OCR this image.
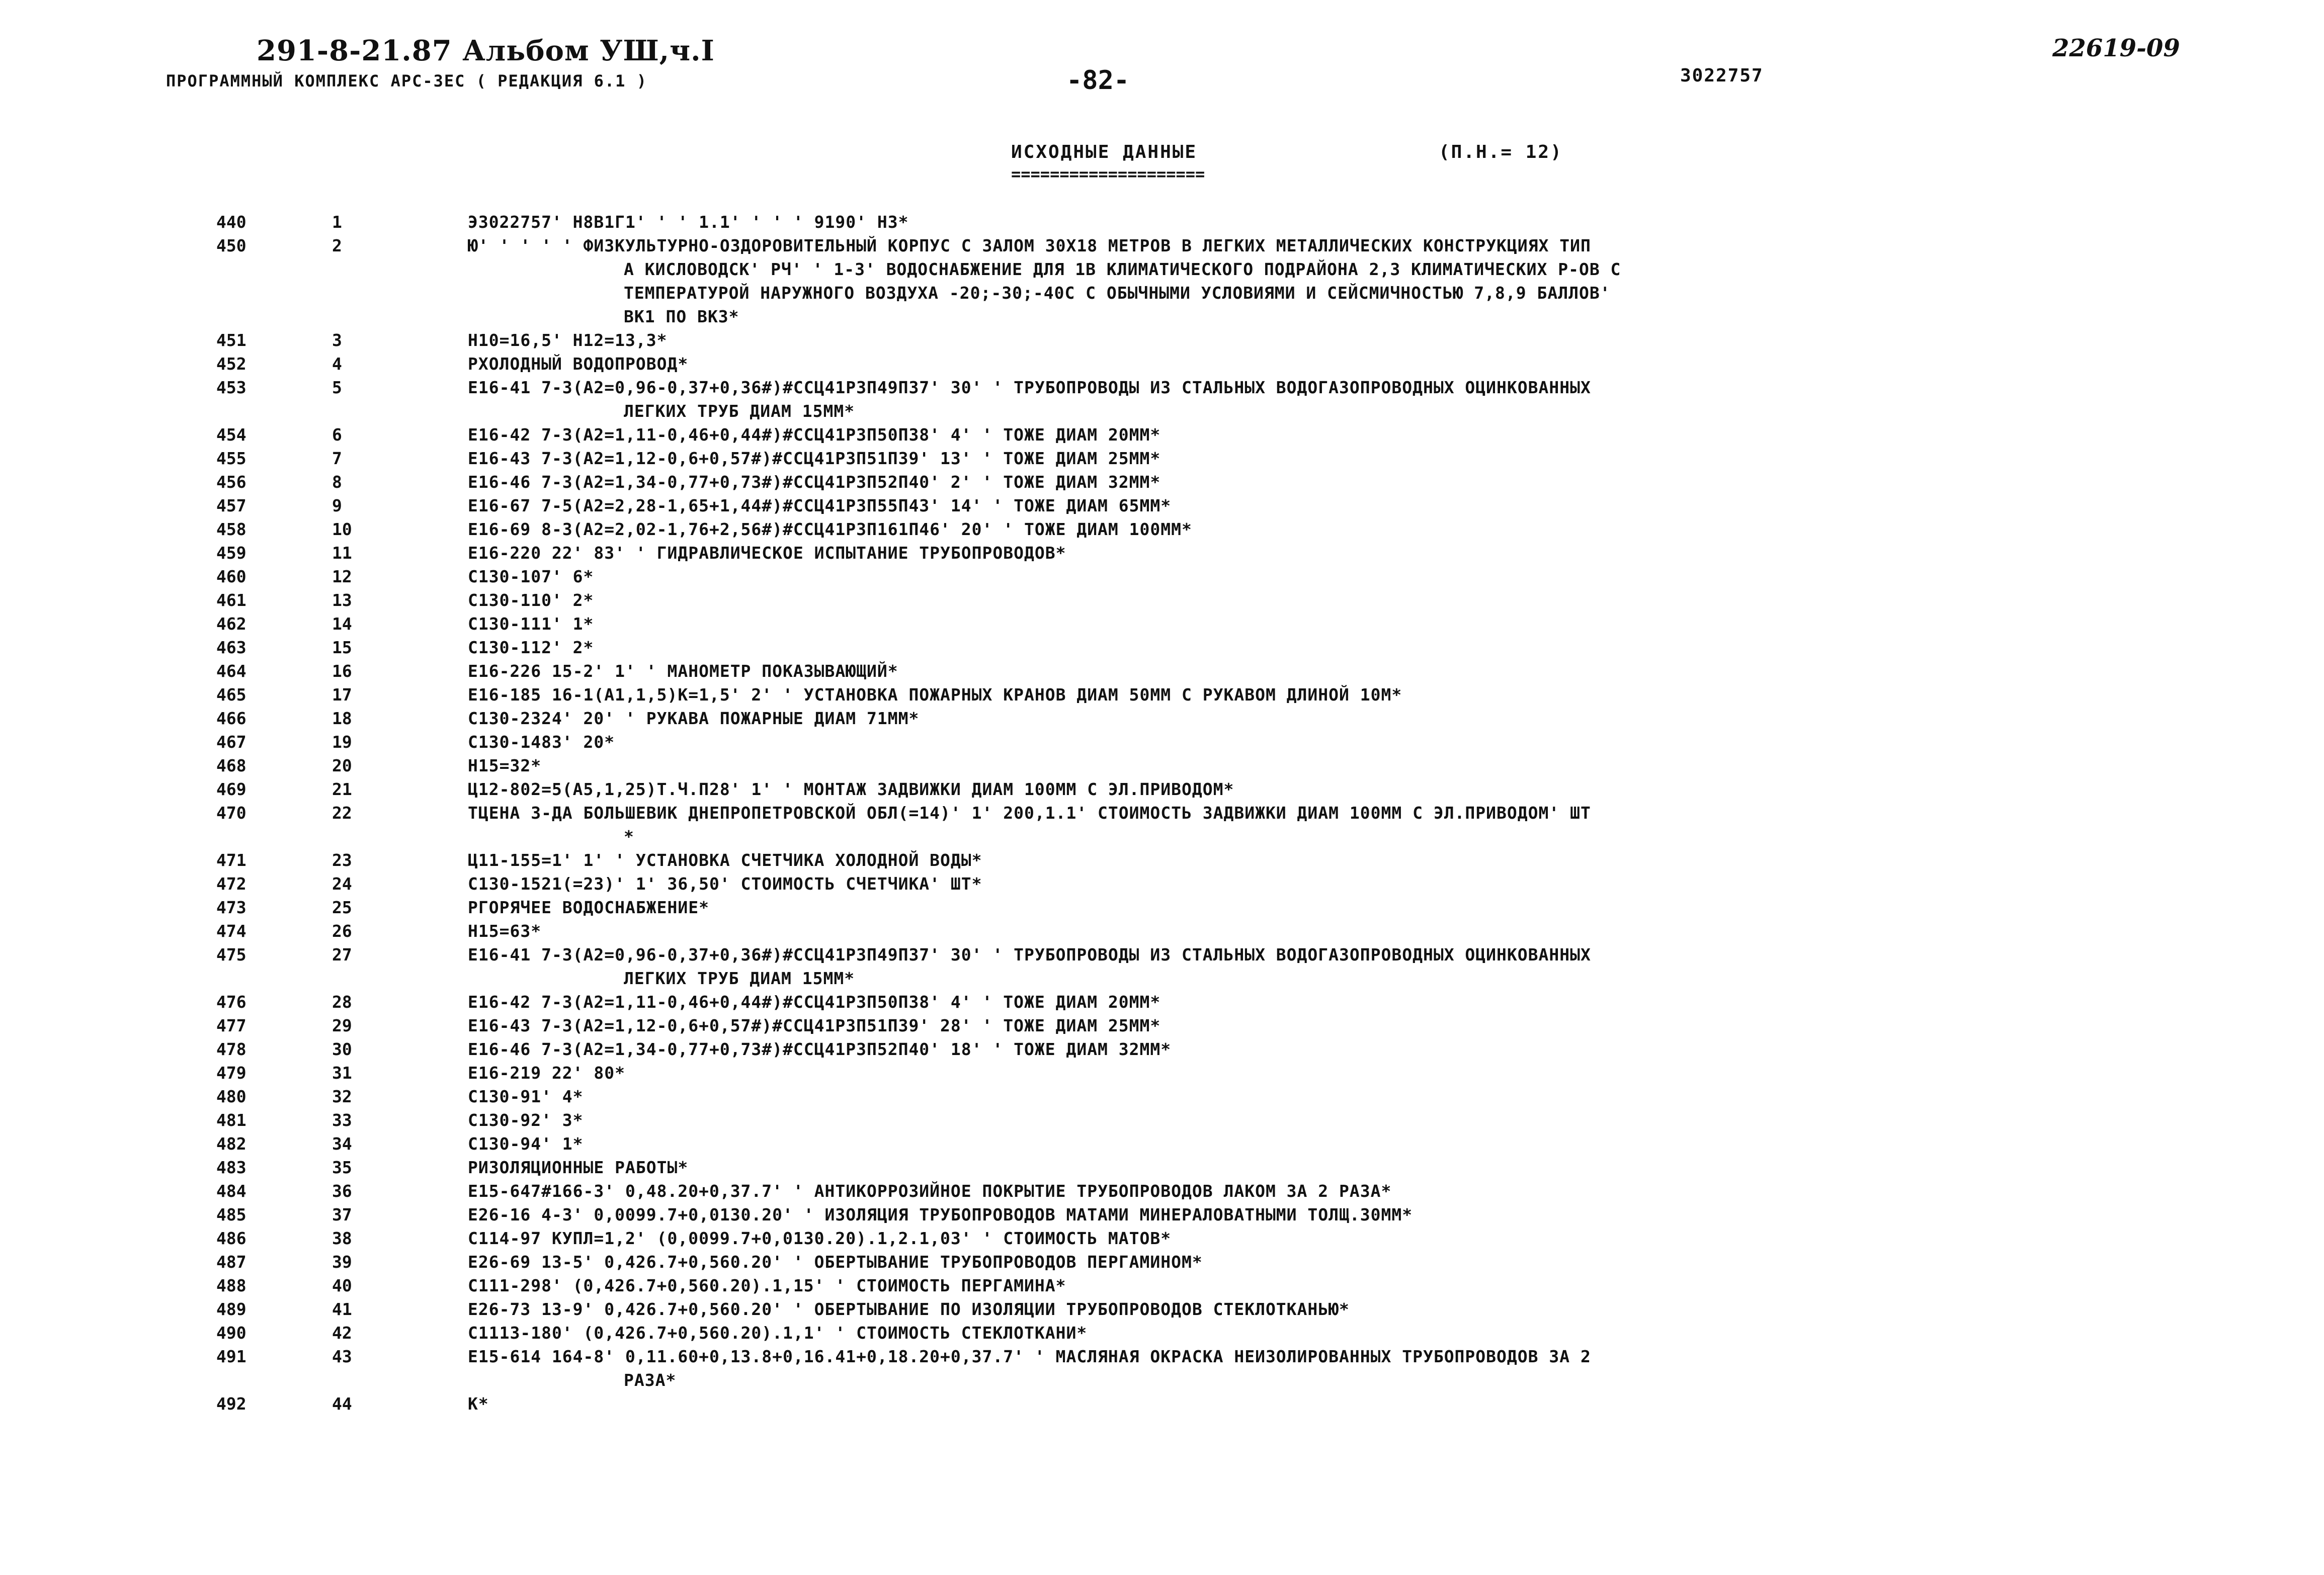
291-8-21.87 Альбом УШ,ч.I
ПРОГРАММНЫЙ КОМПЛЕКС АРС-ЗЕС ( РЕДАКЦИЯ 6.1 )	-82-	3022757
22619-09
ИСХОДНЫЕ ДАННЫЕ
====================
(П.Н.= 12)
440	1	Э3022757' Н8В1Г1' ' ' 1.1' ' ' ' 9190' Н3*
450	2	Ю' ' ' ' ' ФИЗКУЛЬТУРНО-ОЗДОРОВИТЕЛЬНЫЙ КОРПУС С ЗАЛОМ 30Х18 МЕТРОВ В ЛЕГКИХ МЕТАЛЛИЧЕСКИХ КОНСТРУКЦИЯХ ТИП
А КИСЛОВОДСК' РЧ' ' 1-3' ВОДОСНАБЖЕНИЕ ДЛЯ 1В КЛИМАТИЧЕСКОГО ПОДРАЙОНА 2,3 КЛИМАТИЧЕСКИХ Р-ОВ С
ТЕМПЕРАТУРОЙ НАРУЖНОГО ВОЗДУХА -20;-30;-40С С ОБЫЧНЫМИ УСЛОВИЯМИ И СЕЙСМИЧНОСТЬЮ 7,8,9 БАЛЛОВ'
ВК1 ПО ВК3*
451	3	Н10=16,5' Н12=13,3*
452	4	РХОЛОДНЫЙ ВОДОПРОВОД*
453	5	Е16-41 7-3(А2=0,96-0,37+0,36#)#ССЦ41Р3П49П37' 30' ' ТРУБОПРОВОДЫ ИЗ СТАЛЬНЫХ ВОДОГАЗОПРОВОДНЫХ ОЦИНКОВАННЫХ
ЛЕГКИХ ТРУБ ДИАМ 15ММ*
454	6	Е16-42 7-3(А2=1,11-0,46+0,44#)#ССЦ41Р3П50П38' 4' ' ТОЖЕ ДИАМ 20ММ*
455	7	Е16-43 7-3(А2=1,12-0,6+0,57#)#ССЦ41Р3П51П39' 13' ' ТОЖЕ ДИАМ 25ММ*
456	8	Е16-46 7-3(А2=1,34-0,77+0,73#)#ССЦ41Р3П52П40' 2' ' ТОЖЕ ДИАМ 32ММ*
457	9	Е16-67 7-5(А2=2,28-1,65+1,44#)#ССЦ41Р3П55П43' 14' ' ТОЖЕ ДИАМ 65ММ*
458	10	Е16-69 8-3(А2=2,02-1,76+2,56#)#ССЦ41Р3П161П46' 20' ' ТОЖЕ ДИАМ 100ММ*
459	11	Е16-220 22' 83' ' ГИДРАВЛИЧЕСКОЕ ИСПЫТАНИЕ ТРУБОПРОВОДОВ*
460	12	С130-107' 6*
461	13	С130-110' 2*
462	14	С130-111' 1*
463	15	С130-112' 2*
464	16	Е16-226 15-2' 1' ' МАНОМЕТР ПОКАЗЫВАЮЩИЙ*
465	17	Е16-185 16-1(А1,1,5)К=1,5' 2' ' УСТАНОВКА ПОЖАРНЫХ КРАНОВ ДИАМ 50ММ С РУКАВОМ ДЛИНОЙ 10М*
466	18	С130-2324' 20' ' РУКАВА ПОЖАРНЫЕ ДИАМ 71ММ*
467	19	С130-1483' 20*
468	20	Н15=32*
469	21	Ц12-802=5(А5,1,25)Т.Ч.П28' 1' ' МОНТАЖ ЗАДВИЖКИ ДИАМ 100ММ С ЭЛ.ПРИВОДОМ*
470	22	ТЦЕНА З-ДА БОЛЬШЕВИК ДНЕПРОПЕТРОВСКОЙ ОБЛ(=14)' 1' 200,1.1' СТОИМОСТЬ ЗАДВИЖКИ ДИАМ 100ММ С ЭЛ.ПРИВОДОМ' ШТ
*
471	23	Ц11-155=1' 1' ' УСТАНОВКА СЧЕТЧИКА ХОЛОДНОЙ ВОДЫ*
472	24	С130-1521(=23)' 1' 36,50' СТОИМОСТЬ СЧЕТЧИКА' ШТ*
473	25	РГОРЯЧЕЕ ВОДОСНАБЖЕНИЕ*
474	26	Н15=63*
475	27	Е16-41 7-3(А2=0,96-0,37+0,36#)#ССЦ41Р3П49П37' 30' ' ТРУБОПРОВОДЫ ИЗ СТАЛЬНЫХ ВОДОГАЗОПРОВОДНЫХ ОЦИНКОВАННЫХ
ЛЕГКИХ ТРУБ ДИАМ 15ММ*
476	28	Е16-42 7-3(А2=1,11-0,46+0,44#)#ССЦ41Р3П50П38' 4' ' ТОЖЕ ДИАМ 20ММ*
477	29	Е16-43 7-3(А2=1,12-0,6+0,57#)#ССЦ41Р3П51П39' 28' ' ТОЖЕ ДИАМ 25ММ*
478	30	Е16-46 7-3(А2=1,34-0,77+0,73#)#ССЦ41Р3П52П40' 18' ' ТОЖЕ ДИАМ 32ММ*
479	31	Е16-219 22' 80*
480	32	С130-91' 4*
481	33	С130-92' 3*
482	34	С130-94' 1*
483	35	РИЗОЛЯЦИОННЫЕ РАБОТЫ*
484	36	Е15-647#166-3' 0,48.20+0,37.7' ' АНТИКОРРОЗИЙНОЕ ПОКРЫТИЕ ТРУБОПРОВОДОВ ЛАКОМ ЗА 2 РАЗА*
485	37	Е26-16 4-3' 0,0099.7+0,0130.20' ' ИЗОЛЯЦИЯ ТРУБОПРОВОДОВ МАТАМИ МИНЕРАЛОВАТНЫМИ ТОЛЩ.30ММ*
486	38	С114-97 КУПЛ=1,2' (0,0099.7+0,0130.20).1,2.1,03' ' СТОИМОСТЬ МАТОВ*
487	39	Е26-69 13-5' 0,426.7+0,560.20' ' ОБЕРТЫВАНИЕ ТРУБОПРОВОДОВ ПЕРГАМИНОМ*
488	40	С111-298' (0,426.7+0,560.20).1,15' ' СТОИМОСТЬ ПЕРГАМИНА*
489	41	Е26-73 13-9' 0,426.7+0,560.20' ' ОБЕРТЫВАНИЕ ПО ИЗОЛЯЦИИ ТРУБОПРОВОДОВ СТЕКЛОТКАНЬЮ*
490	42	С1113-180' (0,426.7+0,560.20).1,1' ' СТОИМОСТЬ СТЕКЛОТКАНИ*
491	43	Е15-614 164-8' 0,11.60+0,13.8+0,16.41+0,18.20+0,37.7' ' МАСЛЯНАЯ ОКРАСКА НЕИЗОЛИРОВАННЫХ ТРУБОПРОВОДОВ ЗА 2
РАЗА*
492	44	К*
